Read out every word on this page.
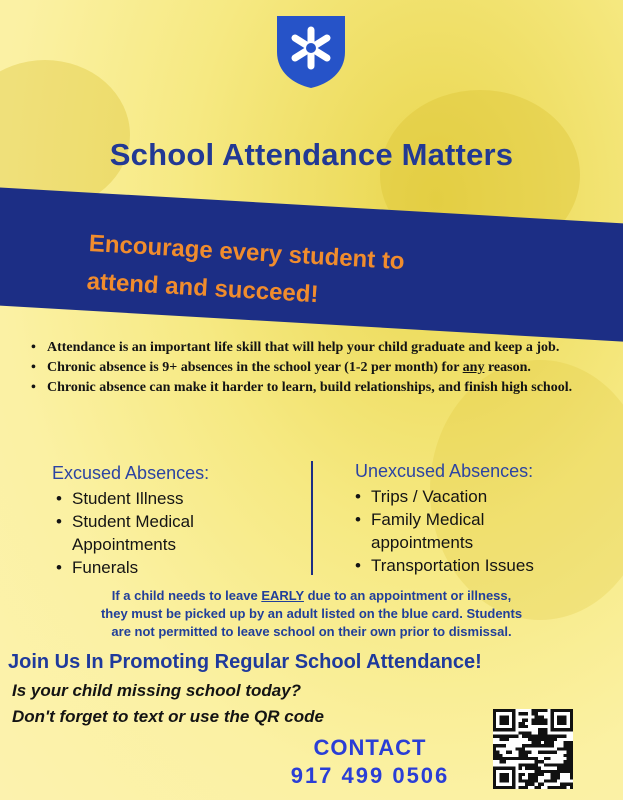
School Attendance Matters
Encourage every student to
attend and succeed!
• Attendance is an important life skill that will help your child graduate and keep a job.
• Chronic absence is 9+ absences in the school year (1-2 per month) for any reason.
• Chronic absence can make it harder to learn, build relationships, and finish high school.
Excused Absences:
• Student Illness
• Student Medical
Appointments
• Funerals
Unexcused Absences:
• Trips / Vacation
• Family Medical
appointments
• Transportation Issues
If a child needs to leave EARLY due to an appointment or illness,
they must be picked up by an adult listed on the blue card. Students
are not permitted to leave school on their own prior to dismissal.
Join Us In Promoting Regular School Attendance!
Is your child missing school today?
Don't forget to text or use the QR code
CONTACT
917 499 0506
